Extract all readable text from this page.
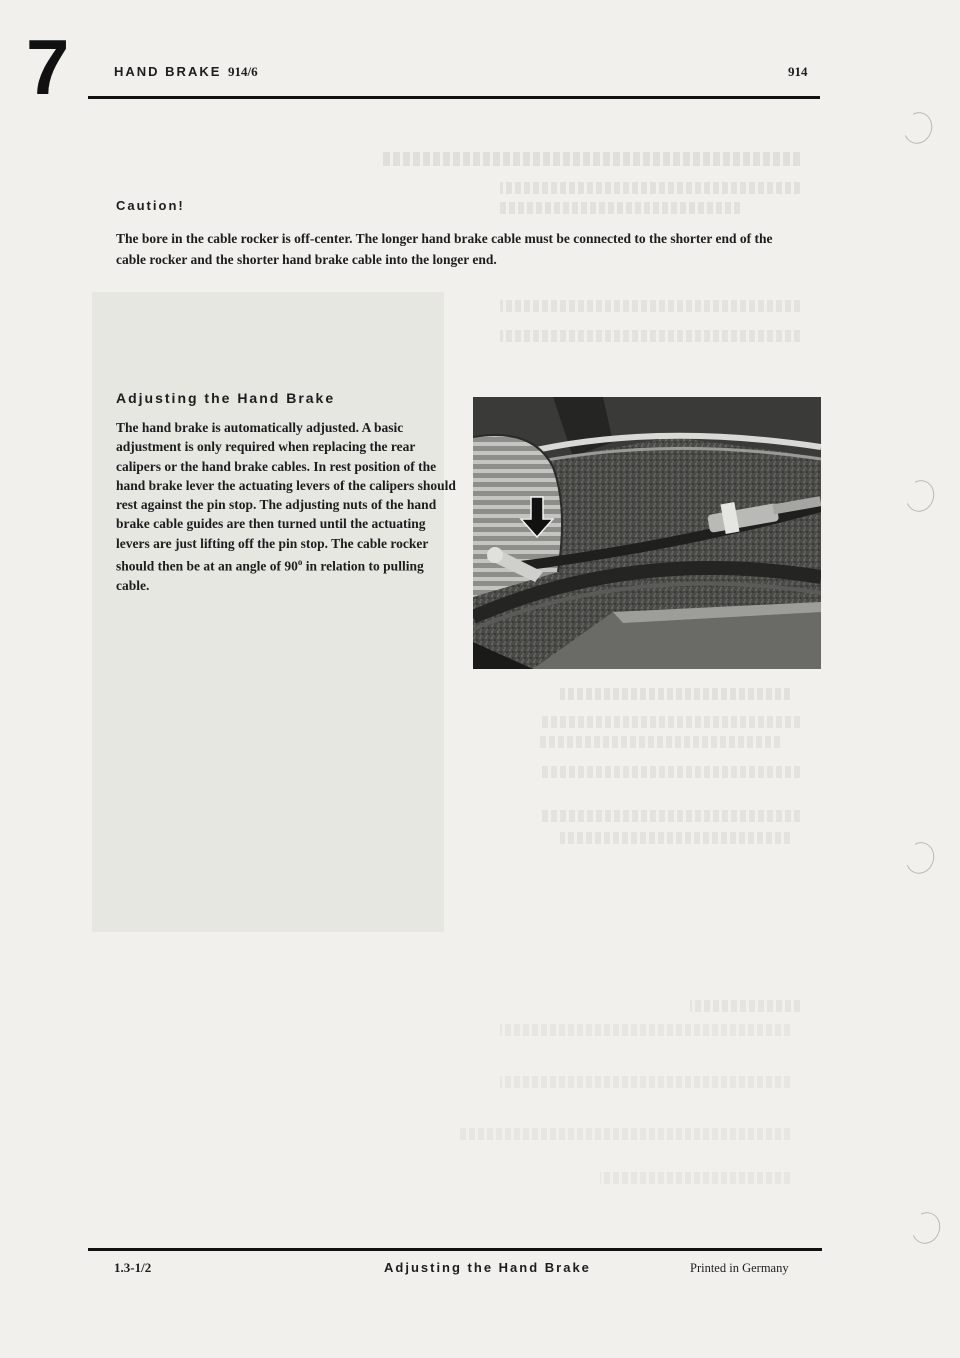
7	HAND BRAKE 914/6	914
Caution!
The bore in the cable rocker is off-center. The longer hand brake cable must be connected to the shorter end of the cable rocker and the shorter hand brake cable into the longer end.
Adjusting the Hand Brake
The hand brake is automatically adjusted. A basic adjustment is only required when replacing the rear calipers or the hand brake cables. In rest position of the hand brake lever the actuating levers of the calipers should rest against the pin stop. The adjusting nuts of the hand brake cable guides are then turned until the actuating levers are just lifting off the pin stop. The cable rocker should then be at an angle of 90$^o$ in relation to pulling cable.
1.3-1/2	Adjusting the Hand Brake	Printed in Germany
